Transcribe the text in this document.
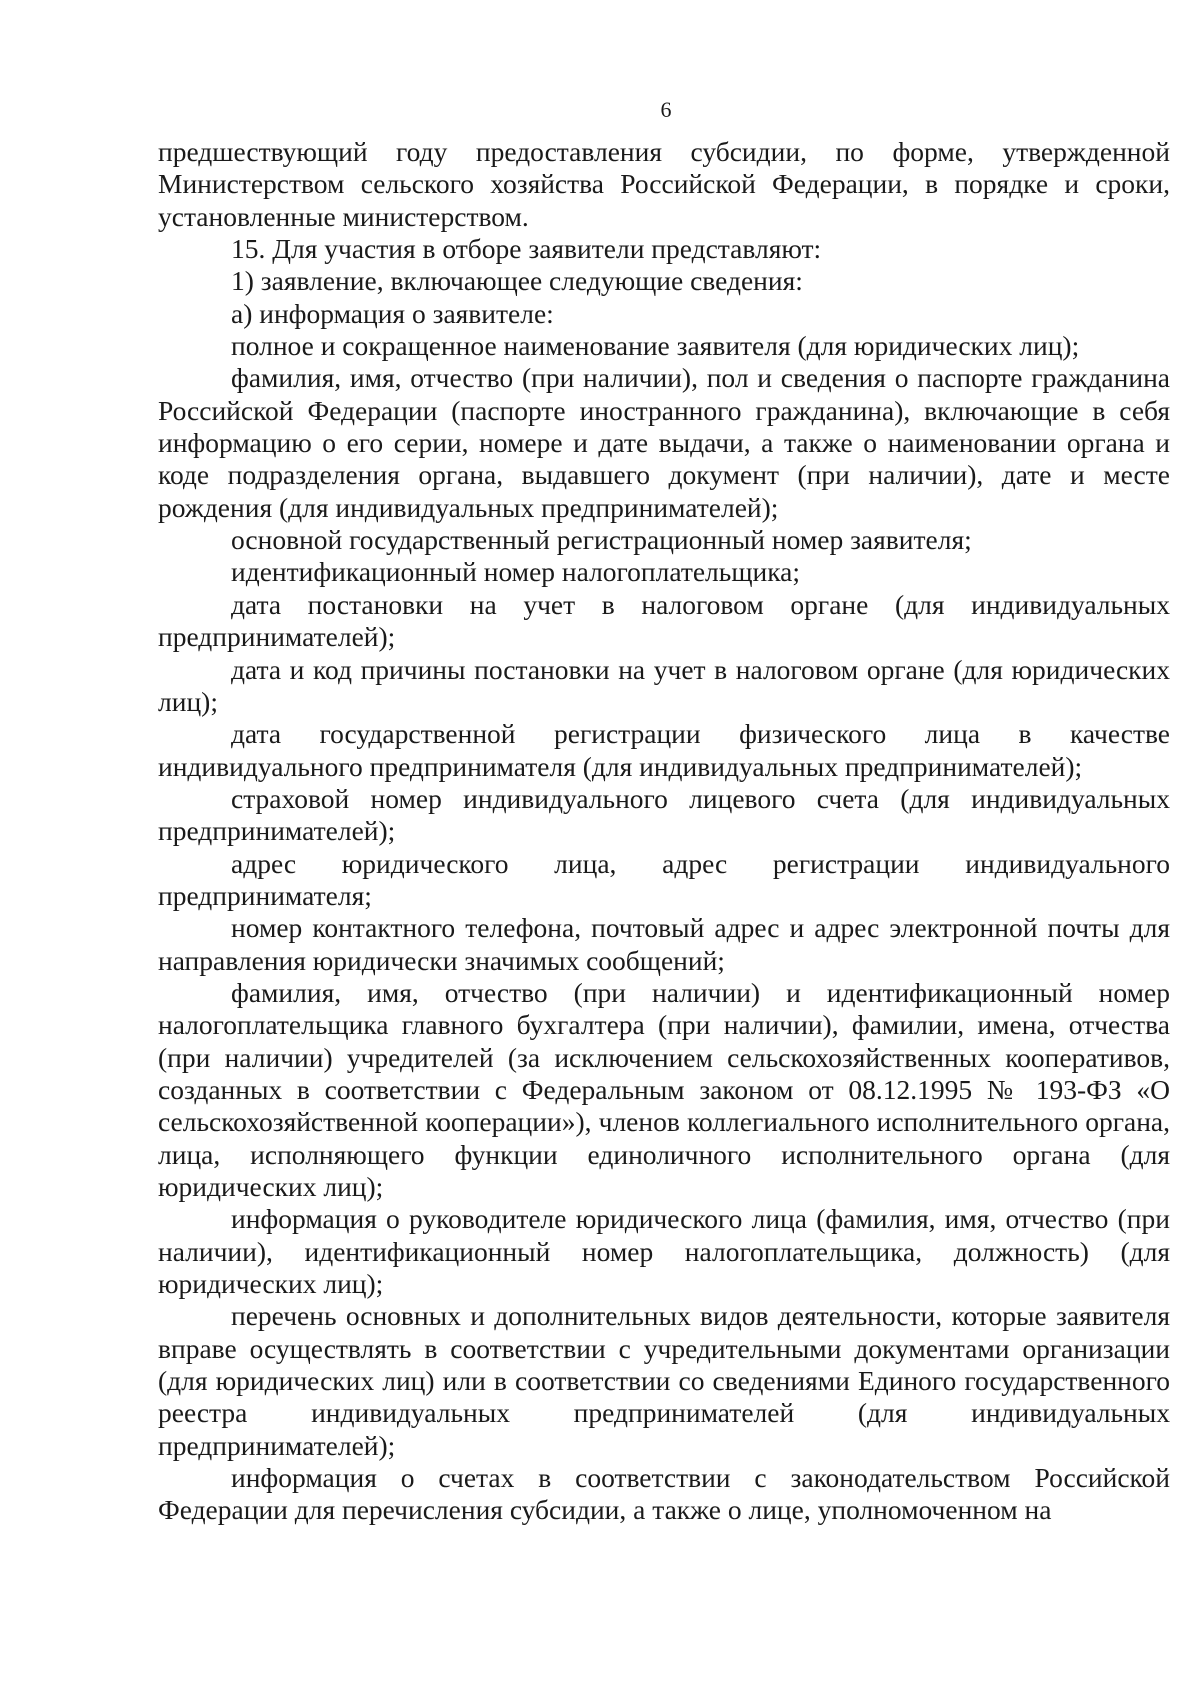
6

предшествующий году предоставления субсидии, по форме, утвержденной Министерством сельского хозяйства Российской Федерации, в порядке и сроки, установленные министерством.

15. Для участия в отборе заявители представляют:

1) заявление, включающее следующие сведения:

а) информация о заявителе:

полное и сокращенное наименование заявителя (для юридических лиц);

фамилия, имя, отчество (при наличии), пол и сведения о паспорте гражданина Российской Федерации (паспорте иностранного гражданина), включающие в себя информацию о его серии, номере и дате выдачи, а также о наименовании органа и коде подразделения органа, выдавшего документ (при наличии), дате и месте рождения (для индивидуальных предпринимателей);

основной государственный регистрационный номер заявителя;

идентификационный номер налогоплательщика;

дата постановки на учет в налоговом органе (для индивидуальных предпринимателей);

дата и код причины постановки на учет в налоговом органе (для юридических лиц);

дата государственной регистрации физического лица в качестве индивидуального предпринимателя (для индивидуальных предпринимателей);

страховой номер индивидуального лицевого счета (для индивидуальных предпринимателей);

адрес юридического лица, адрес регистрации индивидуального предпринимателя;

номер контактного телефона, почтовый адрес и адрес электронной почты для направления юридически значимых сообщений;

фамилия, имя, отчество (при наличии) и идентификационный номер налогоплательщика главного бухгалтера (при наличии), фамилии, имена, отчества (при наличии) учредителей (за исключением сельскохозяйственных кооперативов, созданных в соответствии с Федеральным законом от 08.12.1995 № 193-ФЗ «О сельскохозяйственной кооперации»), членов коллегиального исполнительного органа, лица, исполняющего функции единоличного исполнительного органа (для юридических лиц);

информация о руководителе юридического лица (фамилия, имя, отчество (при наличии), идентификационный номер налогоплательщика, должность) (для юридических лиц);

перечень основных и дополнительных видов деятельности, которые заявителя вправе осуществлять в соответствии с учредительными документами организации (для юридических лиц) или в соответствии со сведениями Единого государственного реестра индивидуальных предпринимателей (для индивидуальных предпринимателей);

информация о счетах в соответствии с законодательством Российской Федерации для перечисления субсидии, а также о лице, уполномоченном на
